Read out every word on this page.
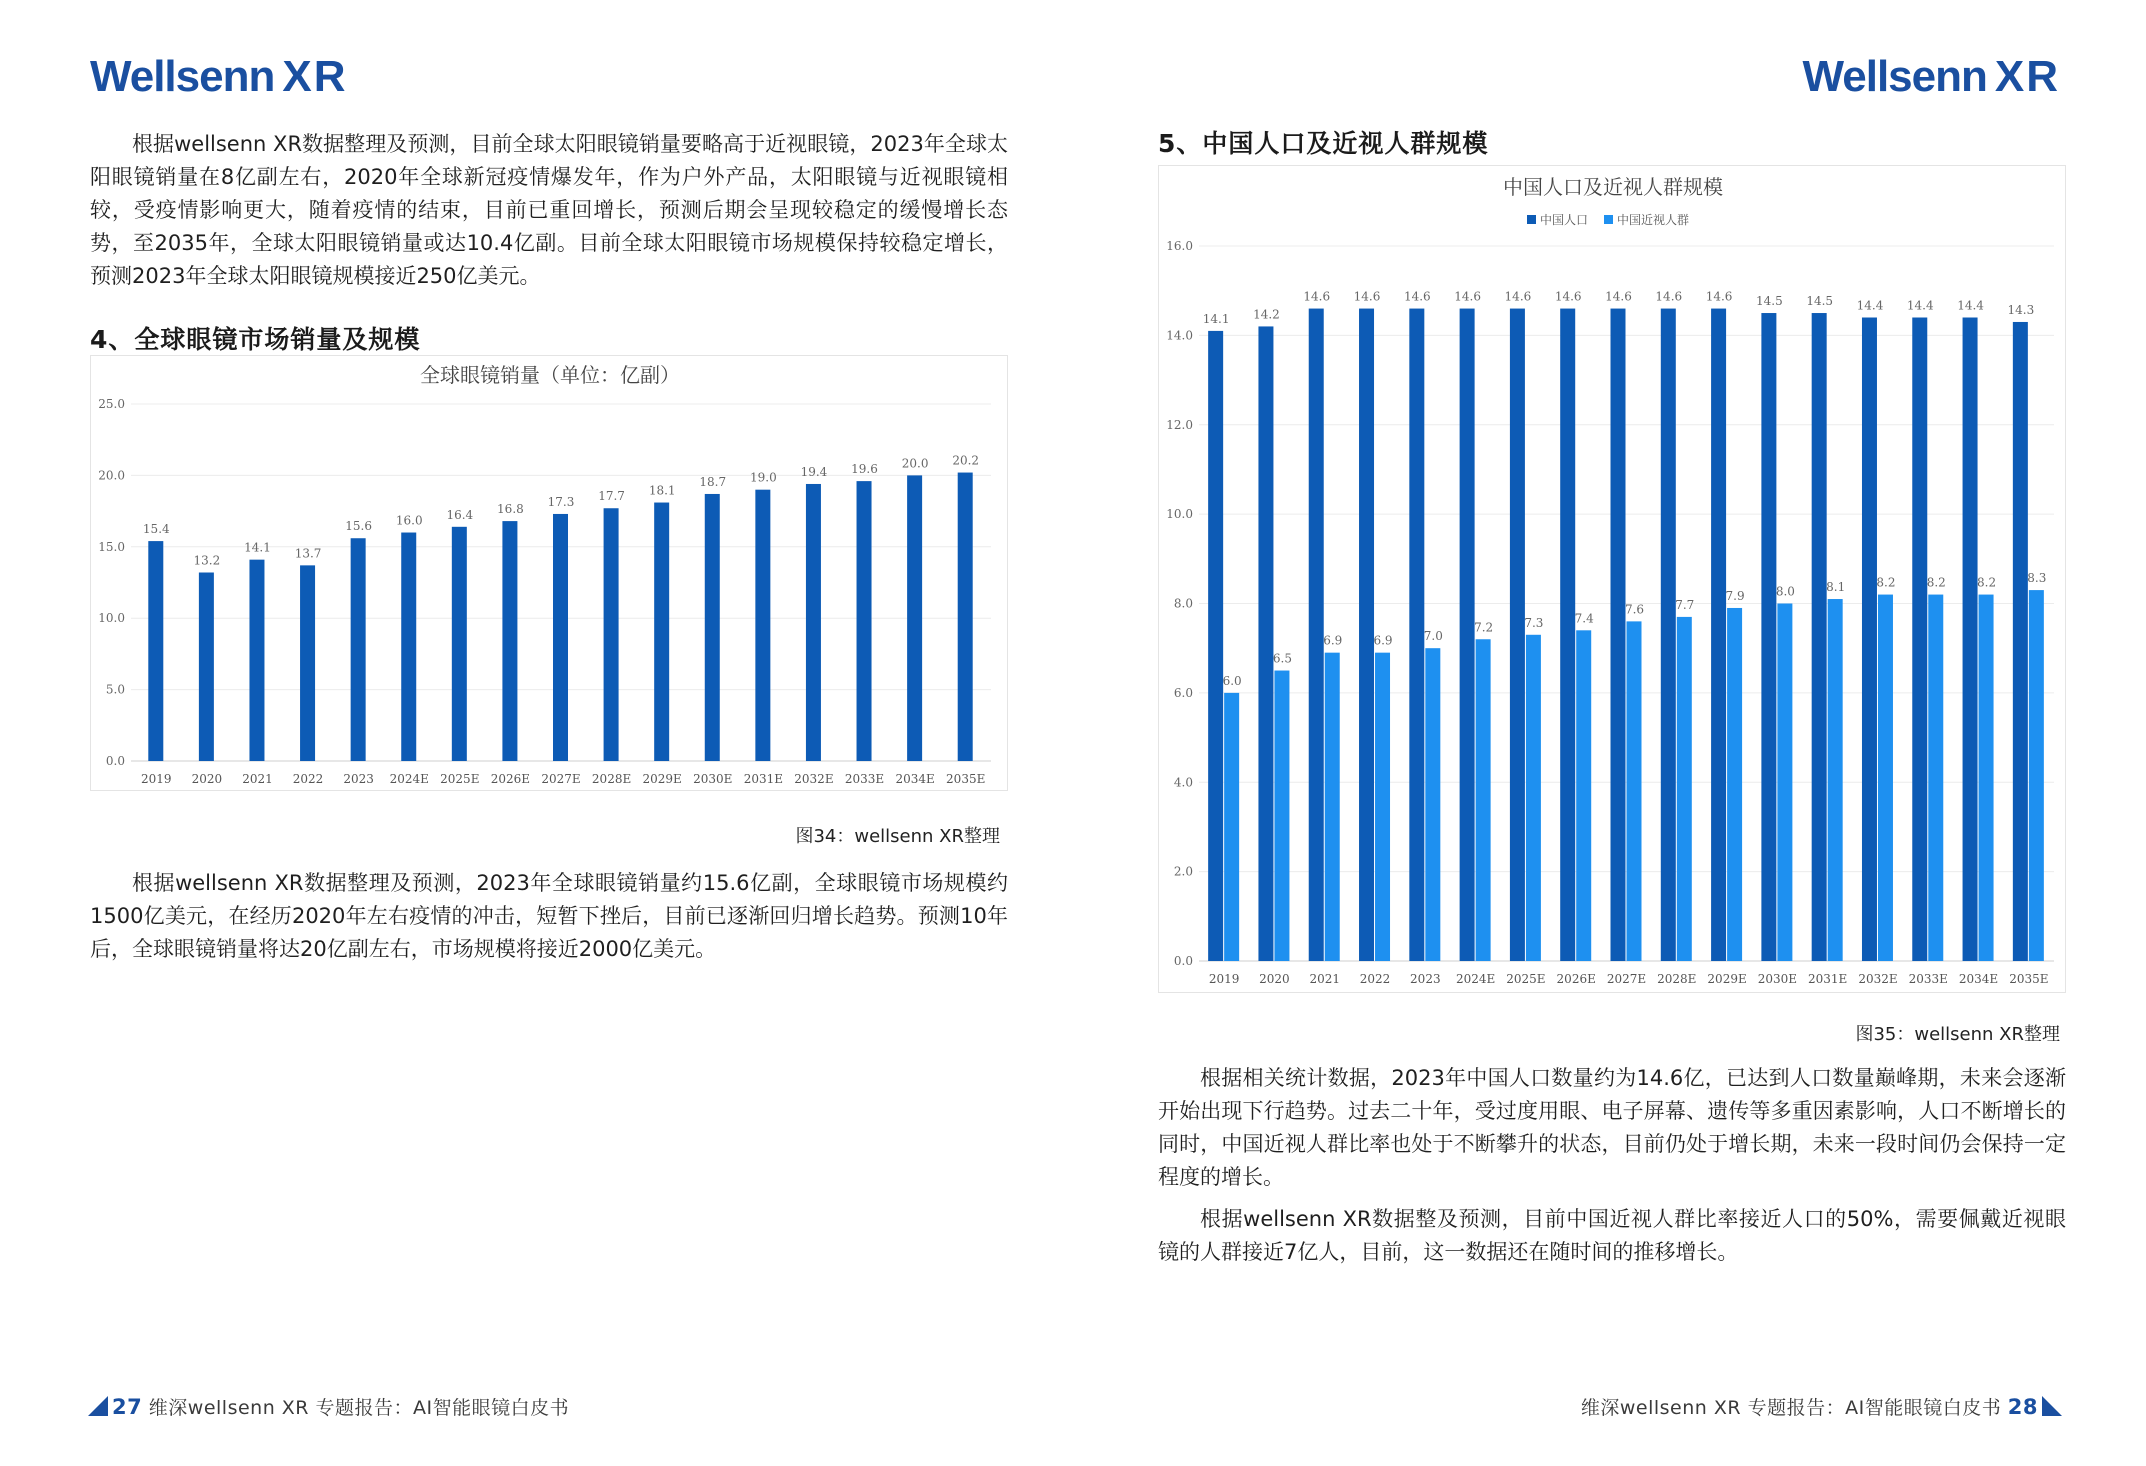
Wellsenn XR	Wellsenn XR

根据wellsenn XR数据整理及预测，目前全球太阳眼镜销量要略高于近视眼镜，2023年全球太阳眼镜销量在8亿副左右，2020年全球新冠疫情爆发年，作为户外产品，太阳眼镜与近视眼镜相较，受疫情影响更大，随着疫情的结束，目前已重回增长，预测后期会呈现较稳定的缓慢增长态势，至2035年，全球太阳眼镜销量或达10.4亿副。目前全球太阳眼镜市场规模保持较稳定增长，预测2023年全球太阳眼镜规模接近250亿美元。

4、全球眼镜市场销量及规模
全球眼镜销量（单位：亿副）
0.0
5.0
10.0
15.0
20.0
25.0
2019
15.4
2020
13.2
2021
14.1
2022
13.7
2023
15.6
2024E
16.0
2025E
16.4
2026E
16.8
2027E
17.3
2028E
17.7
2029E
18.1
2030E
18.7
2031E
19.0
2032E
19.4
2033E
19.6
2034E
20.0
2035E
20.2
图34：wellsenn XR整理

根据wellsenn XR数据整理及预测，2023年全球眼镜销量约15.6亿副，全球眼镜市场规模约1500亿美元，在经历2020年左右疫情的冲击，短暂下挫后，目前已逐渐回归增长趋势。预测10年后，全球眼镜销量将达20亿副左右，市场规模将接近2000亿美元。

27 维深wellsenn XR 专题报告：AI智能眼镜白皮书
5、中国人口及近视人群规模
中国人口及近视人群规模
0.0
2.0
4.0
6.0
8.0
10.0
12.0
14.0
16.0
2019
14.1
6.0
2020
14.2
6.5
2021
14.6
6.9
2022
14.6
6.9
2023
14.6
7.0
2024E
14.6
7.2
2025E
14.6
7.3
2026E
14.6
7.4
2027E
14.6
7.6
2028E
14.6
7.7
2029E
14.6
7.9
2030E
14.5
8.0
2031E
14.5
8.1
2032E
14.4
8.2
2033E
14.4
8.2
2034E
14.4
8.2
2035E
14.3
8.3
中国人口 中国近视人群
图35：wellsenn XR整理

根据相关统计数据，2023年中国人口数量约为14.6亿，已达到人口数量巅峰期，未来会逐渐开始出现下行趋势。过去二十年，受过度用眼、电子屏幕、遗传等多重因素影响，人口不断增长的同时，中国近视人群比率也处于不断攀升的状态，目前仍处于增长期，未来一段时间仍会保持一定程度的增长。

根据wellsenn XR数据整及预测，目前中国近视人群比率接近人口的50%，需要佩戴近视眼镜的人群接近7亿人，目前，这一数据还在随时间的推移增长。

维深wellsenn XR 专题报告：AI智能眼镜白皮书 28
